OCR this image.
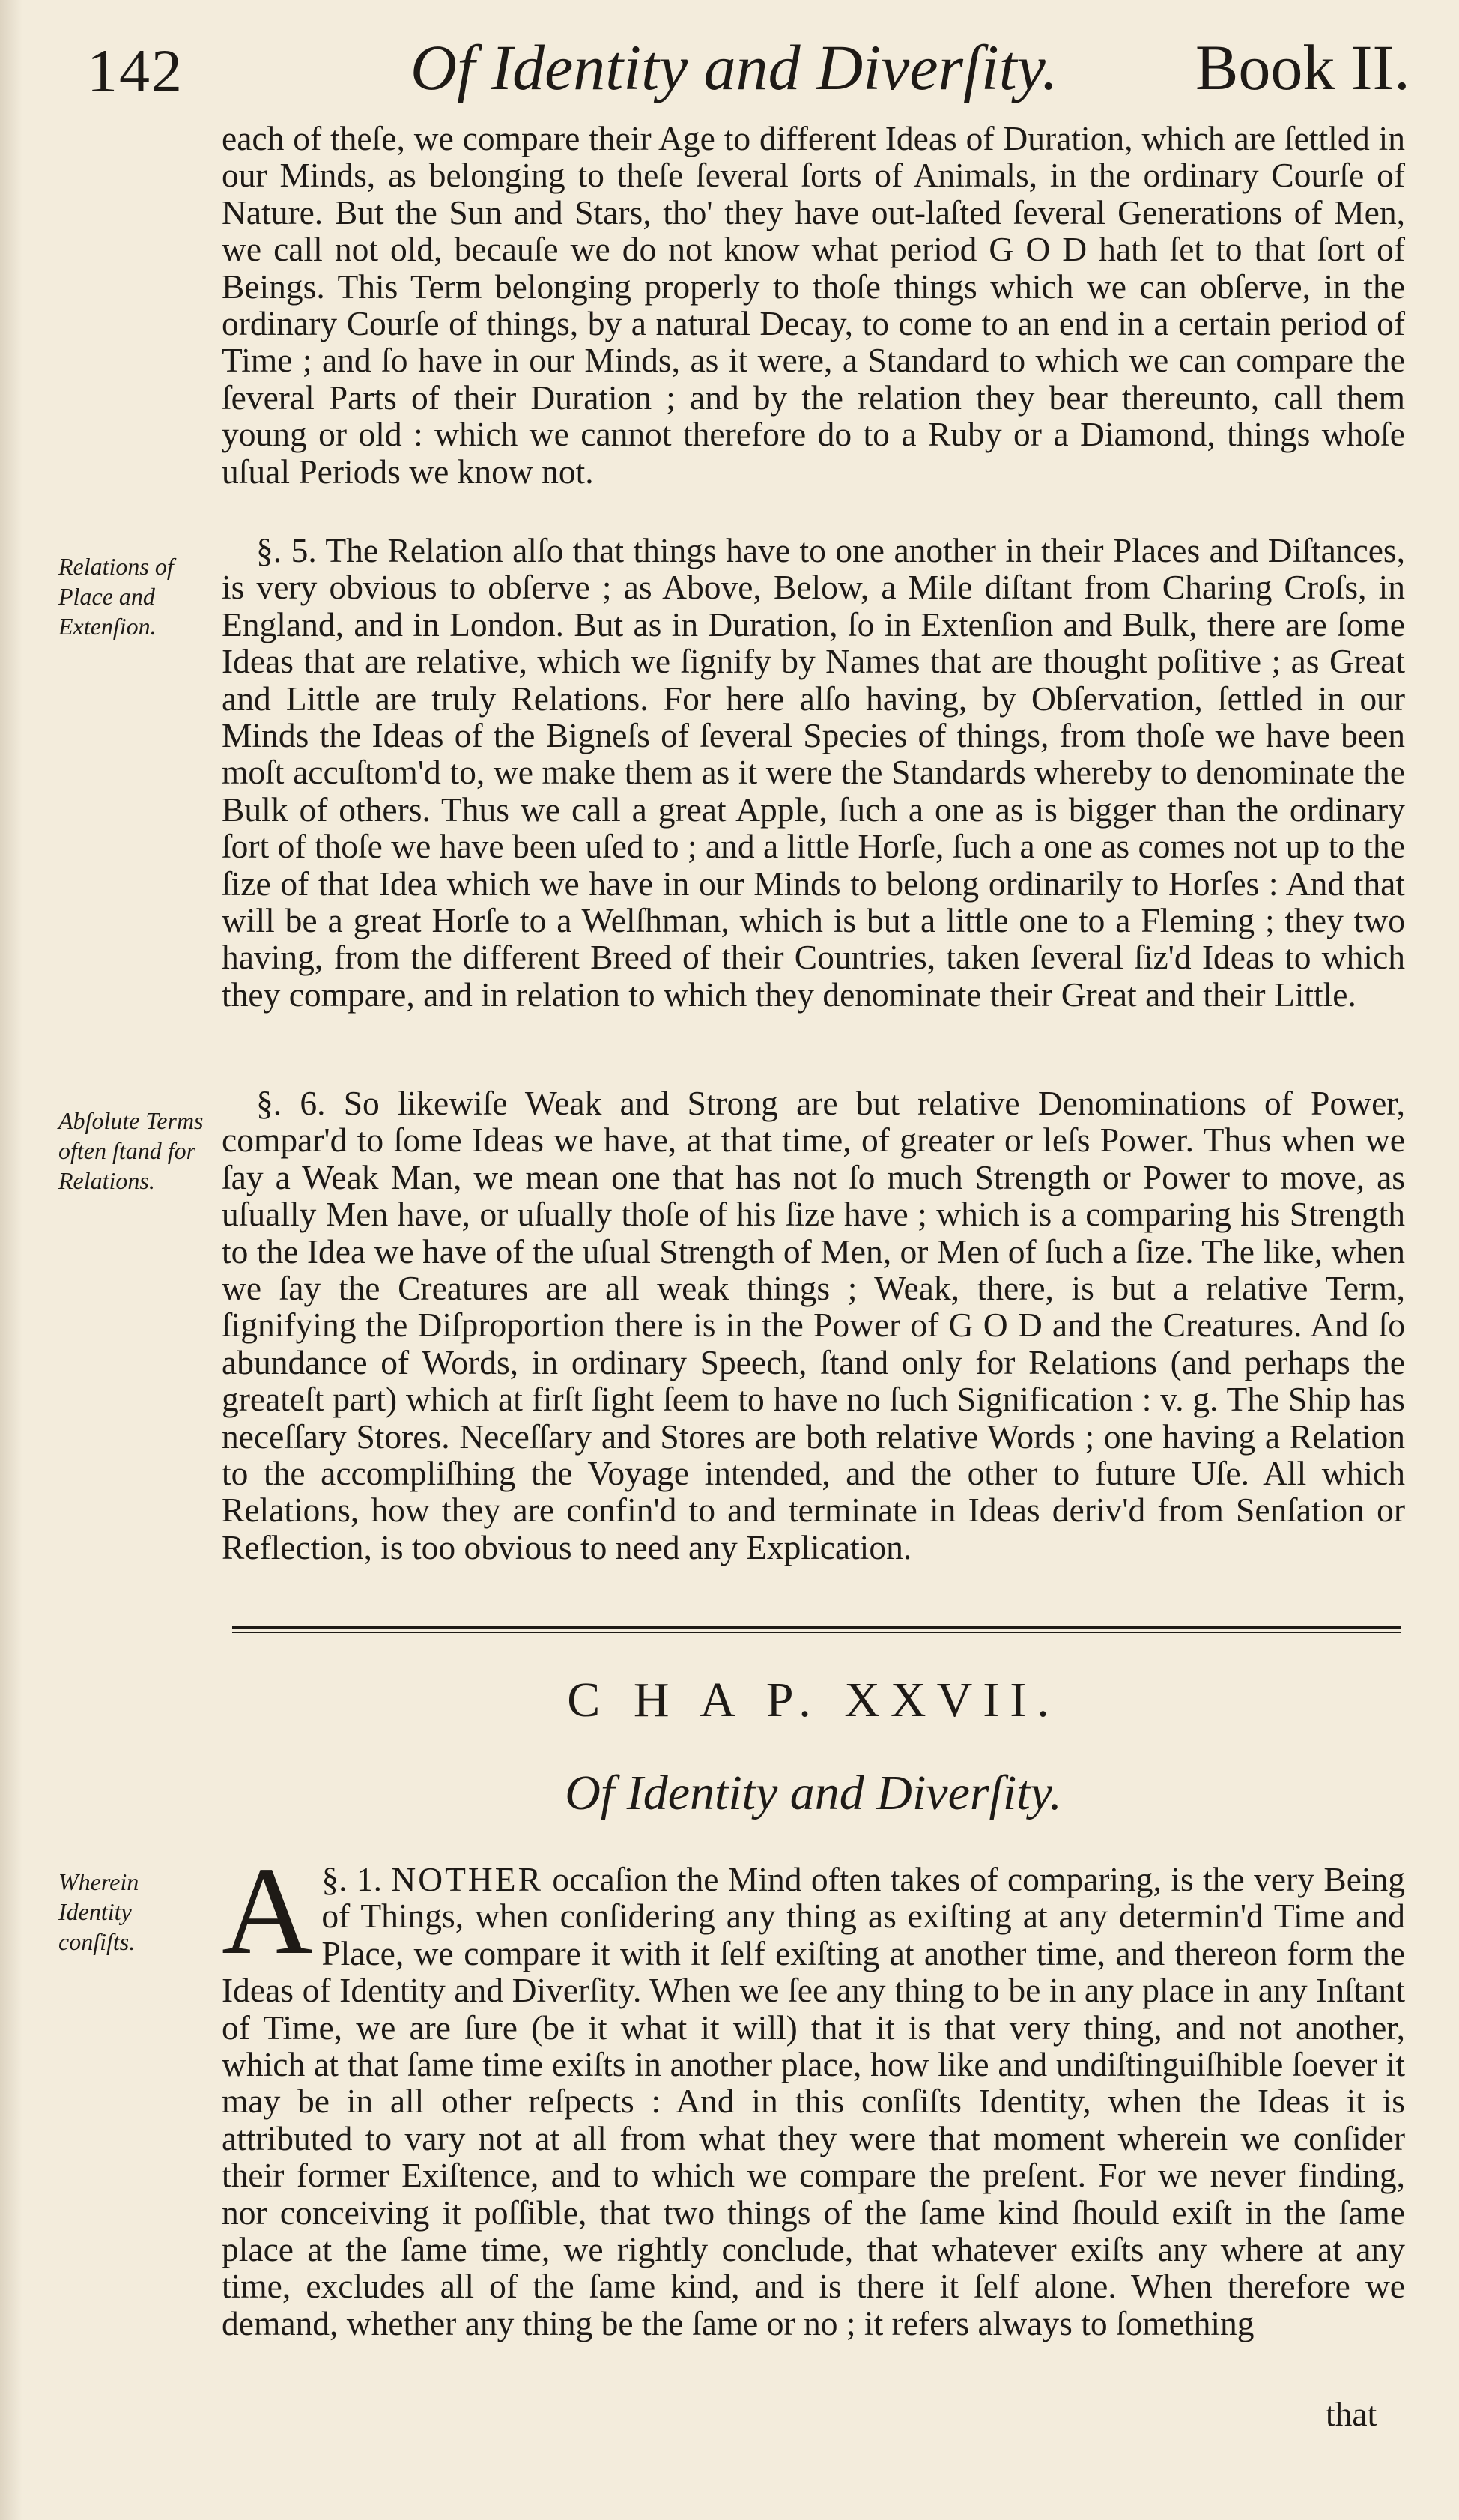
142	Of Identity and Diverſity. Book II.
Relations of Place and Extenſion.
Abſolute Terms often ſtand for Relations.
Wherein Identity conſiſts.

each of theſe, we compare their Age to different Ideas of Duration, which are ſettled in our Minds, as belonging to theſe ſeveral ſorts of Animals, in the ordinary Courſe of Nature. But the Sun and Stars, tho' they have out-laſted ſeveral Generations of Men, we call not old, becauſe we do not know what period G O D hath ſet to that ſort of Beings. This Term belonging properly to thoſe things which we can obſerve, in the ordinary Courſe of things, by a natural Decay, to come to an end in a certain period of Time ; and ſo have in our Minds, as it were, a Standard to which we can compare the ſeveral Parts of their Duration ; and by the relation they bear thereunto, call them young or old : which we cannot therefore do to a Ruby or a Diamond, things whoſe uſual Periods we know not.

§. 5. The Relation alſo that things have to one another in their Places and Diſtances, is very obvious to obſerve ; as Above, Below, a Mile diſtant from Charing Croſs, in England, and in London. But as in Duration, ſo in Extenſion and Bulk, there are ſome Ideas that are relative, which we ſignify by Names that are thought poſitive ; as Great and Little are truly Relations. For here alſo having, by Obſervation, ſettled in our Minds the Ideas of the Bigneſs of ſeveral Species of things, from thoſe we have been moſt accuſtom'd to, we make them as it were the Standards whereby to denominate the Bulk of others. Thus we call a great Apple, ſuch a one as is bigger than the ordinary ſort of thoſe we have been uſed to ; and a little Horſe, ſuch a one as comes not up to the ſize of that Idea which we have in our Minds to belong ordinarily to Horſes : And that will be a great Horſe to a Welſhman, which is but a little one to a Fleming ; they two having, from the different Breed of their Countries, taken ſeveral ſiz'd Ideas to which they compare, and in relation to which they denominate their Great and their Little.

§. 6. So likewiſe Weak and Strong are but relative Denominations of Power, compar'd to ſome Ideas we have, at that time, of greater or leſs Power. Thus when we ſay a Weak Man, we mean one that has not ſo much Strength or Power to move, as uſually Men have, or uſually thoſe of his ſize have ; which is a comparing his Strength to the Idea we have of the uſual Strength of Men, or Men of ſuch a ſize. The like, when we ſay the Creatures are all weak things ; Weak, there, is but a relative Term, ſignifying the Diſproportion there is in the Power of G O D and the Creatures. And ſo abundance of Words, in ordinary Speech, ſtand only for Relations (and perhaps the greateſt part) which at firſt ſight ſeem to have no ſuch Signification : v. g. The Ship has neceſſary Stores. Neceſſary and Stores are both relative Words ; one having a Relation to the accompliſhing the Voyage intended, and the other to future Uſe. All which Relations, how they are confin'd to and terminate in Ideas deriv'd from Senſation or Reflection, is too obvious to need any Explication.

C H A P. XXVII.
Of Identity and Diverſity.

§. 1.
A NOTHER occaſion the Mind often takes of comparing, is the very Being of Things, when conſidering any thing as exiſting at any determin'd Time and Place, we compare it with it ſelf exiſting at another time, and thereon form the Ideas of Identity and Diverſity. When we ſee any thing to be in any place in any Inſtant of Time, we are ſure (be it what it will) that it is that very thing, and not another, which at that ſame time exiſts in another place, how like and undiſtinguiſhible ſoever it may be in all other reſpects : And in this conſiſts Identity, when the Ideas it is attributed to vary not at all from what they were that moment wherein we conſider their former Exiſtence, and to which we compare the preſent. For we never finding, nor conceiving it poſſible, that two things of the ſame kind ſhould exiſt in the ſame place at the ſame time, we rightly conclude, that whatever exiſts any where at any time, excludes all of the ſame kind, and is there it ſelf alone. When therefore we demand, whether any thing be the ſame or no ; it refers always to ſomething

that
